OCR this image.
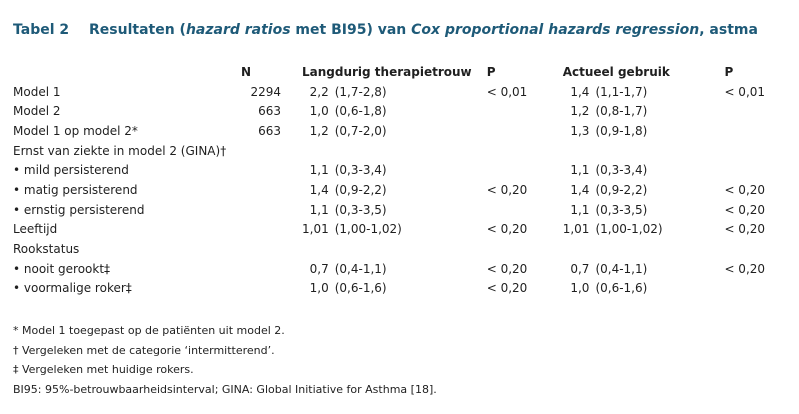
Tabel 2 Resultaten (hazard ratios met BI95) van Cox proportional hazards regression, astma
	N		Langdurig therapietrouw		P	Actueel gebruik		P
Model 1	2294		2,2	(1,7-2,8)	< 0,01	1,4	(1,1-1,7)	< 0,01
Model 2	663		1,0	(0,6-1,8)		1,2	(0,8-1,7)	
Model 1 op model 2*	663		1,2	(0,7-2,0)		1,3	(0,9-1,8)	
Ernst van ziekte in model 2 (GINA)†								
• mild persisterend			1,1	(0,3-3,4)		1,1	(0,3-3,4)	
• matig persisterend			1,4	(0,9-2,2)	< 0,20	1,4	(0,9-2,2)	< 0,20
• ernstig persisterend			1,1	(0,3-3,5)		1,1	(0,3-3,5)	< 0,20
Leeftijd			1,01	(1,00-1,02)	< 0,20	1,01	(1,00-1,02)	< 0,20
Rookstatus								
• nooit gerookt‡			0,7	(0,4-1,1)	< 0,20	0,7	(0,4-1,1)	< 0,20
• voormalige roker‡			1,0	(0,6-1,6)	< 0,20	1,0	(0,6-1,6)	
* Model 1 toegepast op de patiënten uit model 2.
† Vergeleken met de categorie ‘intermitterend’.
‡ Vergeleken met huidige rokers.
BI95: 95%-betrouwbaarheidsinterval; GINA: Global Initiative for Asthma [18].
